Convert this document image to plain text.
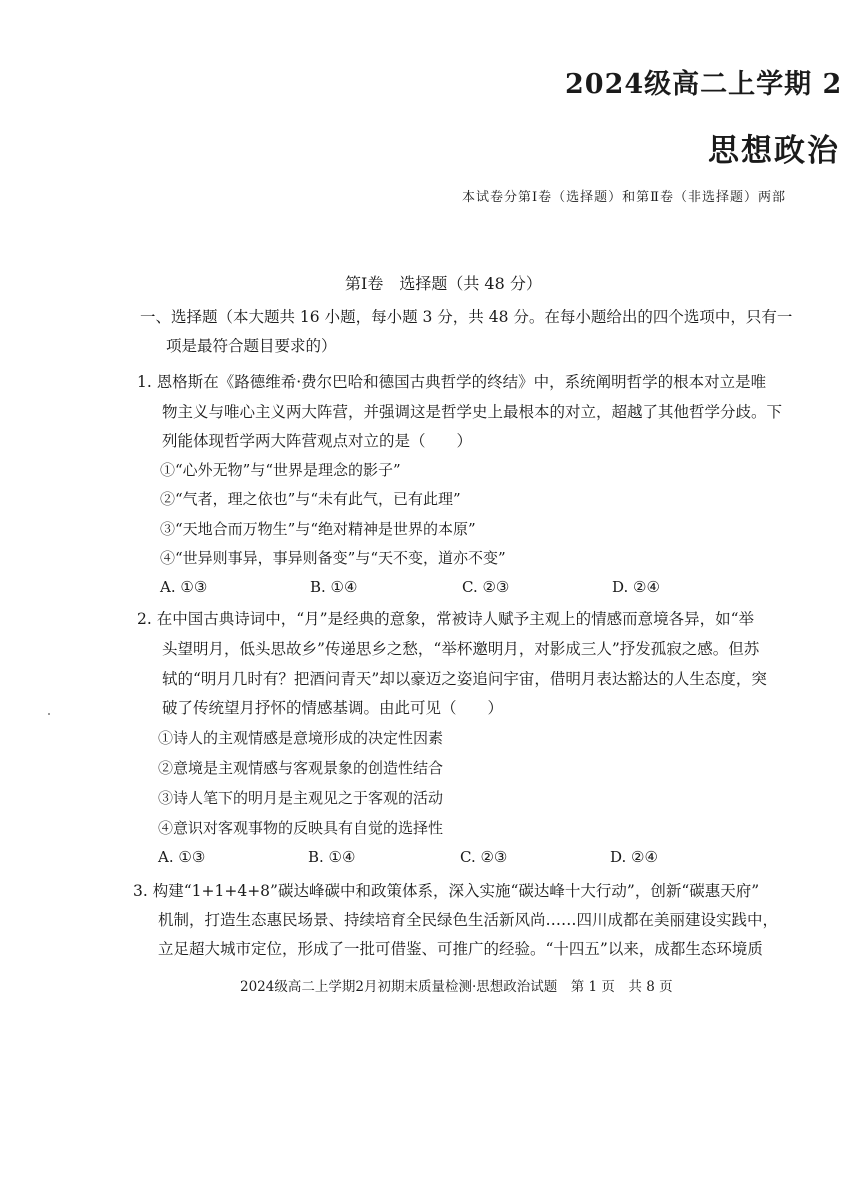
2024级高二上学期 2
思想政治
本试卷分第Ⅰ卷（选择题）和第Ⅱ卷（非选择题）两部
第Ⅰ卷　选择题（共 48 分）
一、选择题（本大题共 16 小题，每小题 3 分，共 48 分。在每小题给出的四个选项中，只有一
项是最符合题目要求的）
1. 恩格斯在《路德维希·费尔巴哈和德国古典哲学的终结》中，系统阐明哲学的根本对立是唯
物主义与唯心主义两大阵营，并强调这是哲学史上最根本的对立，超越了其他哲学分歧。下
列能体现哲学两大阵营观点对立的是（　　）
①“心外无物”与“世界是理念的影子”
②“气者，理之依也”与“未有此气，已有此理”
③“天地合而万物生”与“绝对精神是世界的本原”
④“世异则事异，事异则备变”与“天不变，道亦不变”
A. ①③	B. ①④	C. ②③	D. ②④
2. 在中国古典诗词中，“月”是经典的意象，常被诗人赋予主观上的情感而意境各异，如“举
头望明月，低头思故乡”传递思乡之愁，“举杯邀明月，对影成三人”抒发孤寂之感。但苏
轼的“明月几时有？把酒问青天”却以豪迈之姿追问宇宙，借明月表达豁达的人生态度，突
破了传统望月抒怀的情感基调。由此可见（　　）
①诗人的主观情感是意境形成的决定性因素
②意境是主观情感与客观景象的创造性结合
③诗人笔下的明月是主观见之于客观的活动
④意识对客观事物的反映具有自觉的选择性
A. ①③	B. ①④	C. ②③	D. ②④
3. 构建“1+1+4+8”碳达峰碳中和政策体系，深入实施“碳达峰十大行动”，创新“碳惠天府”
机制，打造生态惠民场景、持续培育全民绿色生活新风尚……四川成都在美丽建设实践中，
立足超大城市定位，形成了一批可借鉴、可推广的经验。“十四五”以来，成都生态环境质
2024级高二上学期2月初期末质量检测·思想政治试题　第 1 页　共 8 页
